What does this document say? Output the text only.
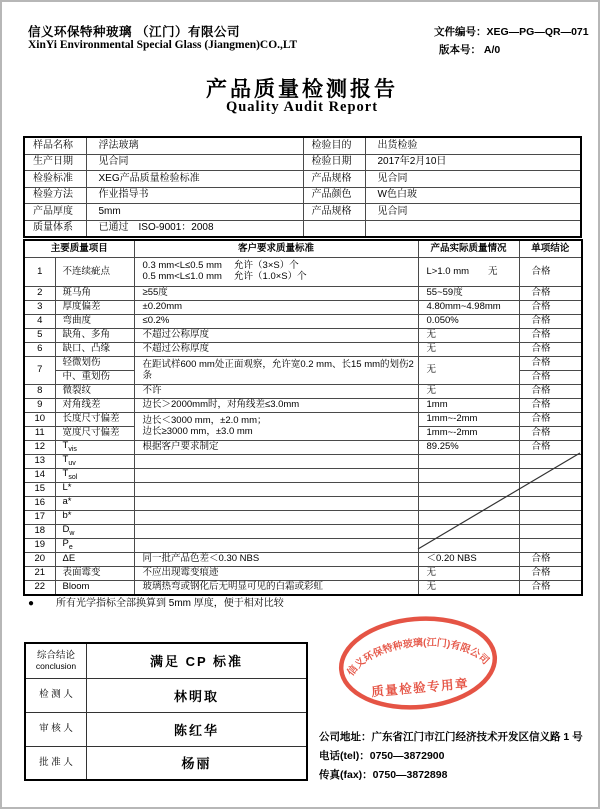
信义环保特种玻璃 （江门）有限公司
XinYi Environmental Special Glass (Jiangmen)CO.,LT
文件编号：XEG—PG—QR—071
版本号： A/0
产品质量检测报告
Quality Audit Report
样品名称	浮法玻璃	检验目的	出货检验
生产日期	见合同	检验日期	2017年2月10日
检验标准	XEG产品质量检验标准	产品规格	见合同
检验方法	作业指导书	产品颜色	W色白玻
产品厚度	5mm	产品规格	见合同
质量体系	已通过　ISO-9001：2008		
主要质量项目		客户要求质量标准	产品实际质量情况	单项结论
1	不连续疵点	0.3 mm<L≤0.5 mm　 允许（3×S）个
0.5 mm<L≤1.0 mm　 允许（1.0×S）个	L>1.0 mm　　无	合格
2	斑马角	≥55度	55~59度	合格
3	厚度偏差	±0.20mm	4.80mm~4.98mm	合格
4	弯曲度	≤0.2%	0.050%	合格
5	缺角、多角	不超过公称厚度	无	合格
6	缺口、凸缘	不超过公称厚度	无	合格
7	轻微划伤	在距试样600 mm处正面观察，允许宽0.2 mm、长15 mm的划伤2条	无	合格
	中、重划伤			合格
8	微裂纹	不许	无	合格
9	对角线差	边长＞2000mm时，对角线差≤3.0mm	1mm	合格
10	长度尺寸偏差	边长＜3000 mm，±2.0 mm；
边长≥3000 mm，±3.0 mm	1mm~-2mm	合格
11	宽度尺寸偏差		1mm~-2mm	合格
12	$T_{vis}$	根据客户要求制定	89.25%	合格
13	$T_{uv}$			
14	$T_{sol}$			
15	L*			
16	a*			
17	b*			
18	$D_w$			
19	$P_e$			
20	ΔE	同一批产品色差＜0.30 NBS	＜0.20 NBS	合格
21	表面霉变	不应出现霉变痕迹	无	合格
22	Bloom	玻璃热弯或钢化后无明显可见的白霜或彩虹	无	合格
● 所有光学指标全部换算到 5mm 厚度，便于相对比较
综合结论
conclusion	满足 CP 标准
检 测 人	林明取
审 核 人	陈红华
批 准 人	杨丽
信义环保特种玻璃(江门)有限公司
质量检验专用章
公司地址：广东省江门市江门经济技术开发区信义路 1 号
电话(tel)：0750—3872900
传真(fax)：0750—3872898
